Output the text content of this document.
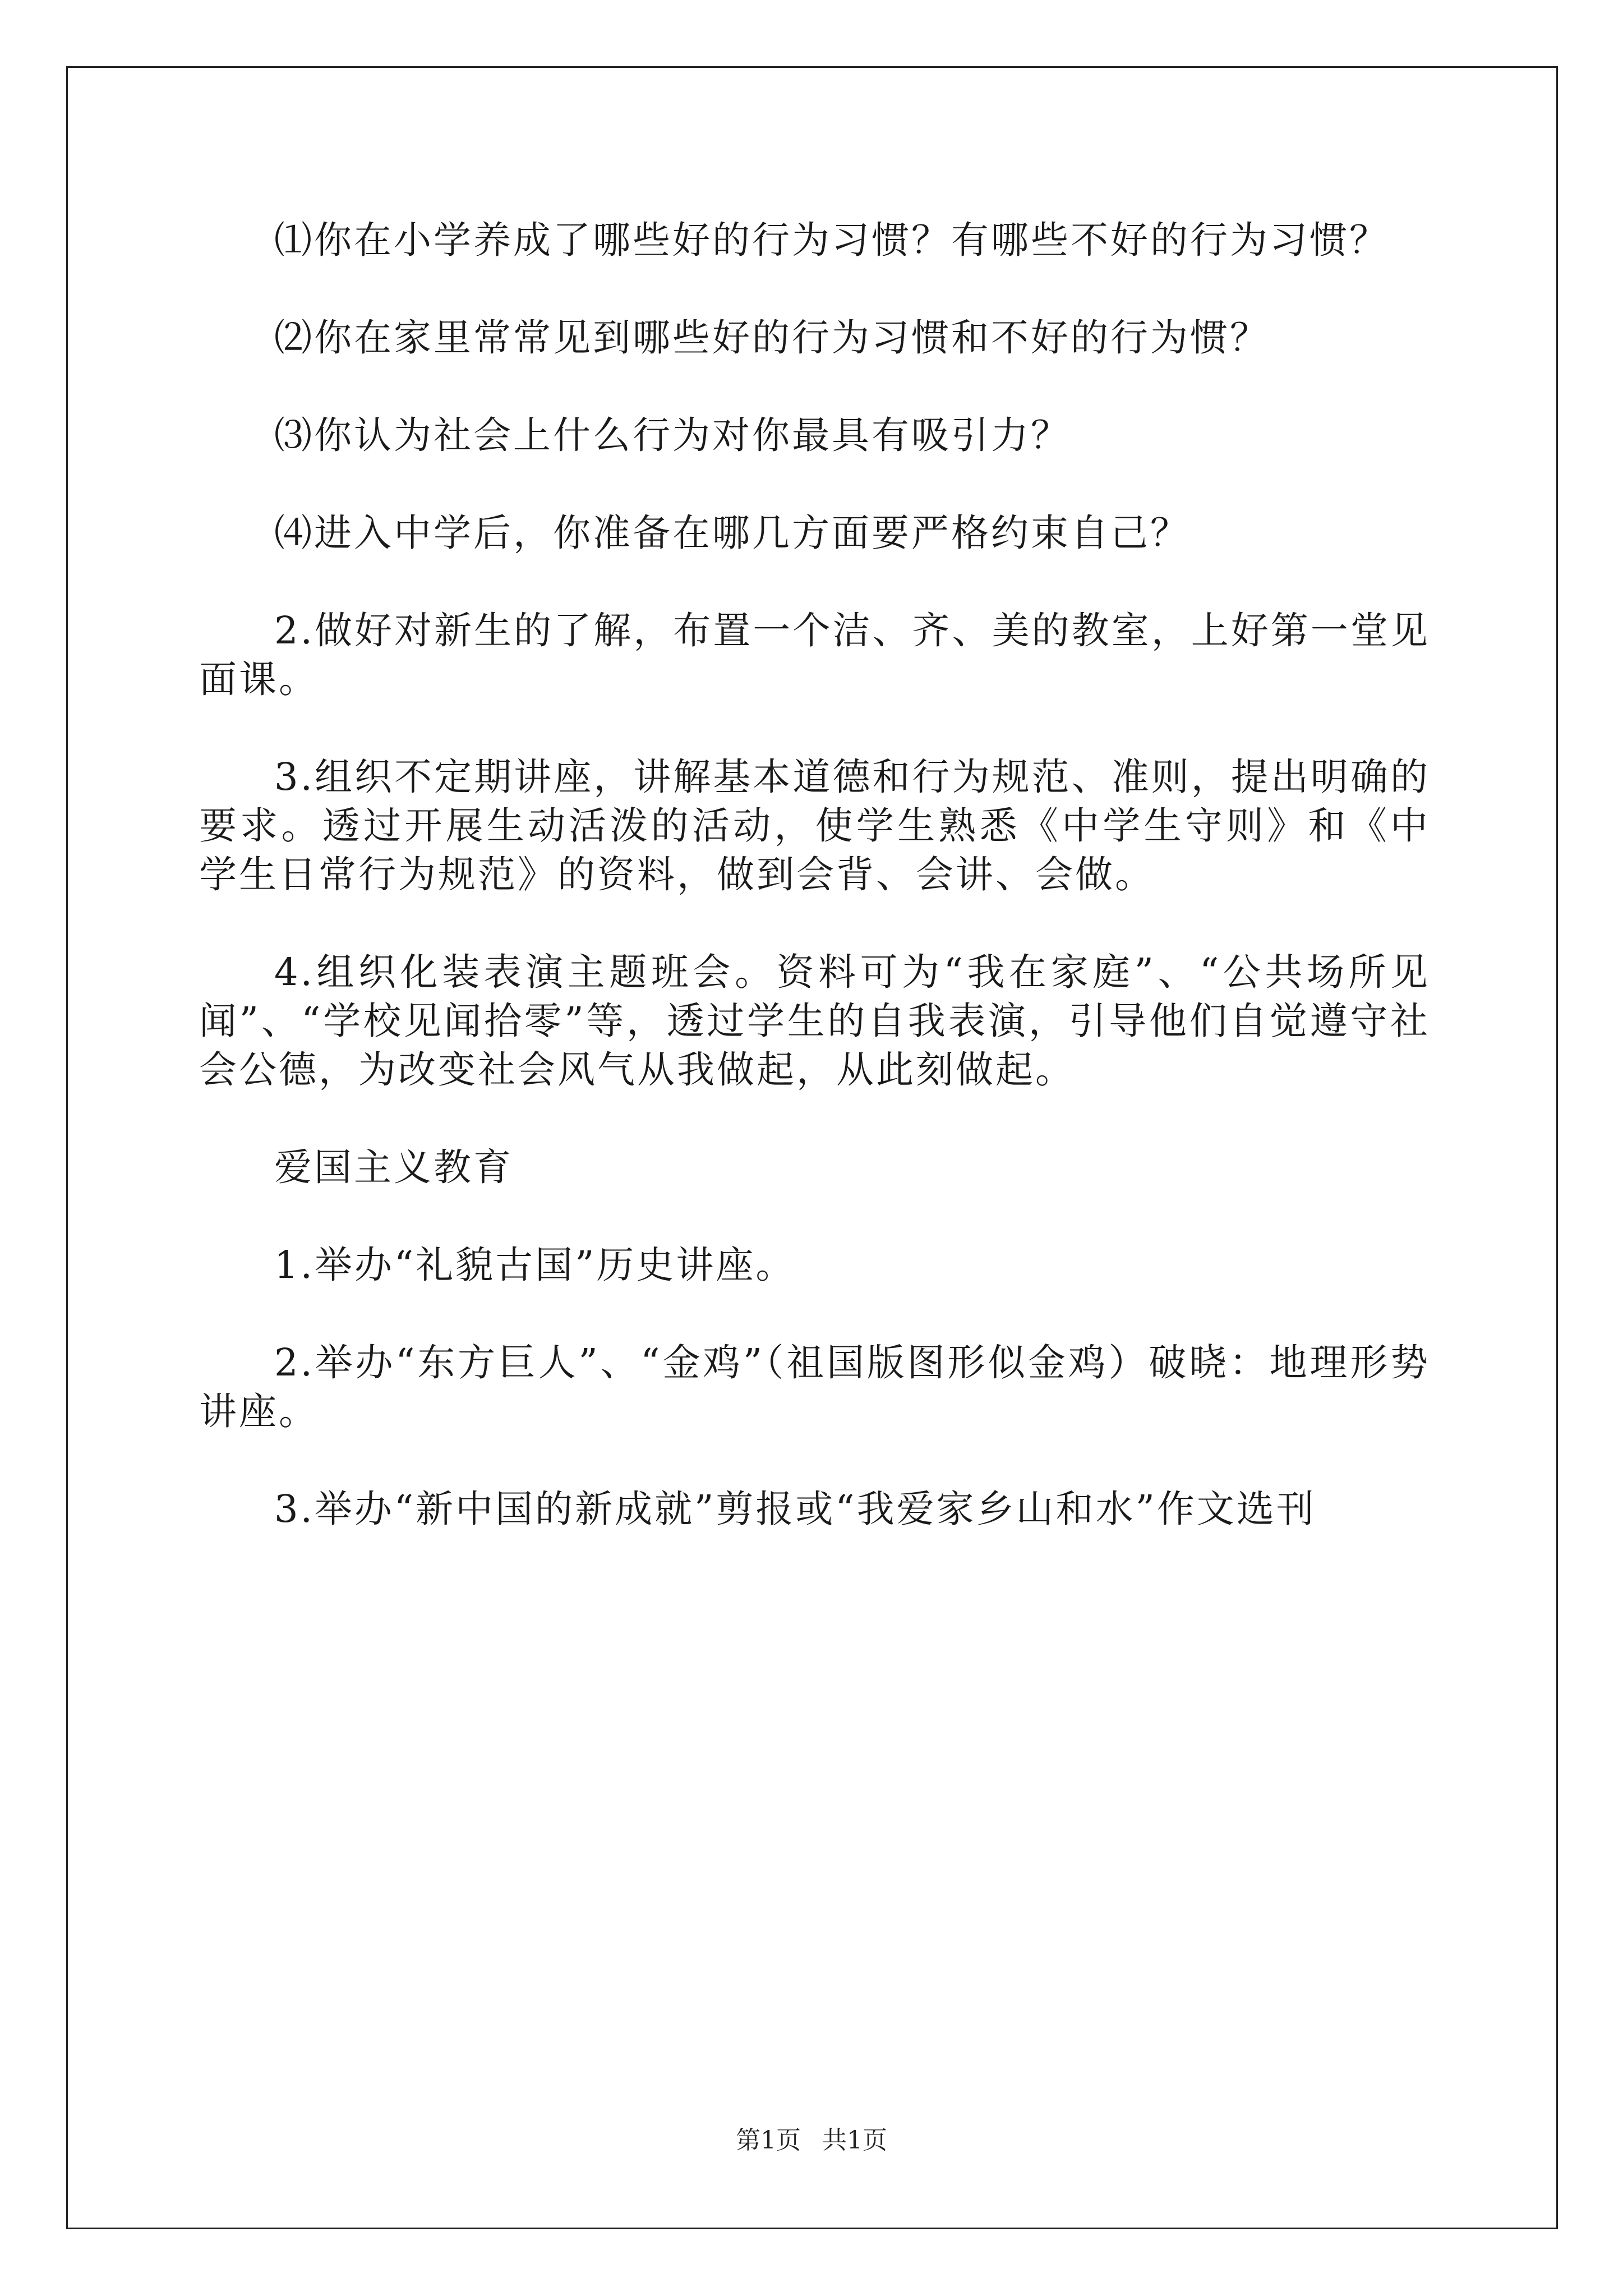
⑴你在小学养成了哪些好的行为习惯？有哪些不好的行为习惯？

⑵你在家里常常见到哪些好的行为习惯和不好的行为惯？

⑶你认为社会上什么行为对你最具有吸引力？

⑷进入中学后，你准备在哪几方面要严格约束自己？

2.做好对新生的了解，布置一个洁、齐、美的教室，上好第一堂见面课。

3.组织不定期讲座，讲解基本道德和行为规范、准则，提出明确的要求。透过开展生动活泼的活动，使学生熟悉《中学生守则》和《中学生日常行为规范》的资料，做到会背、会讲、会做。

4.组织化装表演主题班会。资料可为“我在家庭”、“公共场所见闻”、“学校见闻拾零”等，透过学生的自我表演，引导他们自觉遵守社会公德，为改变社会风气从我做起，从此刻做起。

爱国主义教育

1.举办“礼貌古国”历史讲座。

2.举办“东方巨人”、“金鸡”（祖国版图形似金鸡）破晓：地理形势讲座。

3.举办“新中国的新成就”剪报或“我爱家乡山和水”作文选刊

第1页 共1页
